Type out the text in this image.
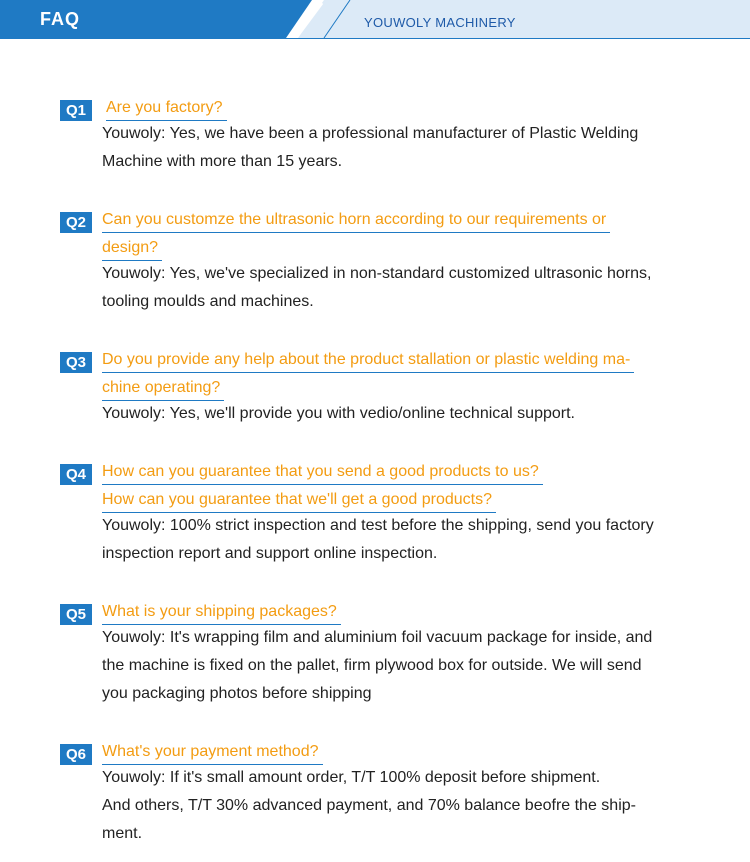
FAQ	YOUWOLY MACHINERY
Q1	Are you factory?
Youwoly: Yes, we have been a professional manufacturer of Plastic Welding
Machine with more than 15 years.
Q2	Can you customze the ultrasonic horn according to our requirements or
design?
Youwoly: Yes, we've specialized in non-standard customized ultrasonic horns,
tooling moulds and machines.
Q3	Do you provide any help about the product stallation or plastic welding ma-
chine operating?
Youwoly: Yes, we'll provide you with vedio/online technical support.
Q4	How can you guarantee that you send a good products to us?
How can you guarantee that we'll get a good products?
Youwoly: 100% strict inspection and test before the shipping, send you factory
inspection report and support online inspection.
Q5	What is your shipping packages?
Youwoly: It's wrapping film and aluminium foil vacuum package for inside, and
the machine is fixed on the pallet, firm plywood box for outside. We will send
you packaging photos before shipping
Q6	What's your payment method?
Youwoly: If it's small amount order, T/T 100% deposit before shipment.
And others, T/T 30% advanced payment, and 70% balance beofre the ship-
ment.
